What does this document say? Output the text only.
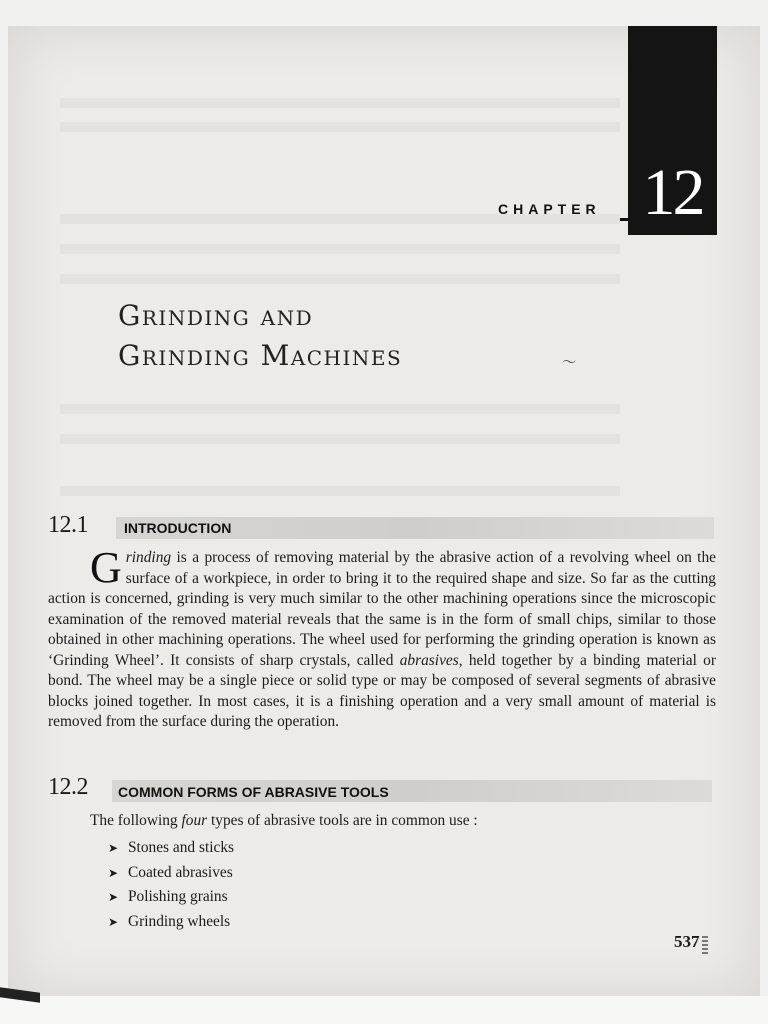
12
CHAPTER
Grinding and
Grinding Machines	〜
12.1	INTRODUCTION
Grinding is a process of removing material by the abrasive action of a revolving wheel on the surface of a workpiece, in order to bring it to the required shape and size. So far as the cutting action is concerned, grinding is very much similar to the other machining operations since the microscopic examination of the removed material reveals that the same is in the form of small chips, similar to those obtained in other machining operations. The wheel used for performing the grinding operation is known as ‘Grinding Wheel’. It consists of sharp crystals, called abrasives, held together by a binding material or bond. The wheel may be a single piece or solid type or may be composed of several segments of abrasive blocks joined together. In most cases, it is a finishing operation and a very small amount of material is removed from the surface during the operation.
12.2 COMMON FORMS OF ABRASIVE TOOLS
The following four types of abrasive tools are in common use :
➤ Stones and sticks
➤ Coated abrasives
➤ Polishing grains
➤ Grinding wheels
537
